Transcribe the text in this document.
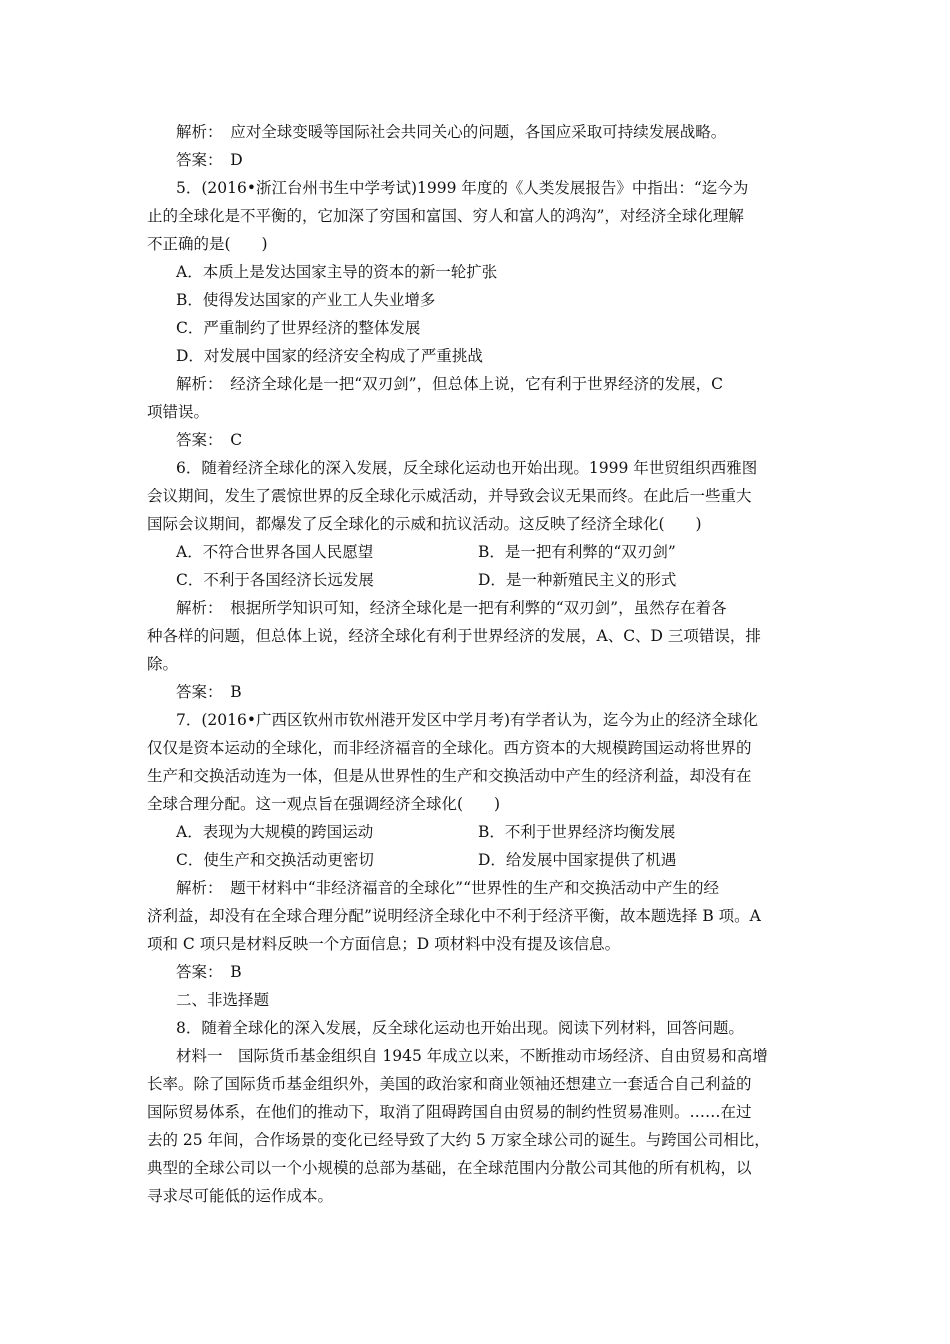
解析：　应对全球变暖等国际社会共同关心的问题，各国应采取可持续发展战略。
答案：　D
5．(2016•浙江台州书生中学考试)1999 年度的《人类发展报告》中指出：“迄今为
止的全球化是不平衡的，它加深了穷国和富国、穷人和富人的鸿沟”，对经济全球化理解
不正确的是(　　)
A．本质上是发达国家主导的资本的新一轮扩张
B．使得发达国家的产业工人失业增多
C．严重制约了世界经济的整体发展
D．对发展中国家的经济安全构成了严重挑战
解析：　经济全球化是一把“双刃剑”，但总体上说，它有利于世界经济的发展，C
项错误。
答案：　C
6．随着经济全球化的深入发展，反全球化运动也开始出现。1999 年世贸组织西雅图
会议期间，发生了震惊世界的反全球化示威活动，并导致会议无果而终。在此后一些重大
国际会议期间，都爆发了反全球化的示威和抗议活动。这反映了经济全球化(　　)
A．不符合世界各国人民愿望	B．是一把有利弊的“双刃剑”
C．不利于各国经济长远发展	D．是一种新殖民主义的形式
解析：　根据所学知识可知，经济全球化是一把有利弊的“双刃剑”，虽然存在着各
种各样的问题，但总体上说，经济全球化有利于世界经济的发展，A、C、D 三项错误，排
除。
答案：　B
7．(2016•广西区钦州市钦州港开发区中学月考)有学者认为，迄今为止的经济全球化
仅仅是资本运动的全球化，而非经济福音的全球化。西方资本的大规模跨国运动将世界的
生产和交换活动连为一体，但是从世界性的生产和交换活动中产生的经济利益，却没有在
全球合理分配。这一观点旨在强调经济全球化(　　)
A．表现为大规模的跨国运动	B．不利于世界经济均衡发展
C．使生产和交换活动更密切	D．给发展中国家提供了机遇
解析：　题干材料中“非经济福音的全球化”“世界性的生产和交换活动中产生的经
济利益，却没有在全球合理分配”说明经济全球化中不利于经济平衡，故本题选择 B 项。A
项和 C 项只是材料反映一个方面信息；D 项材料中没有提及该信息。
答案：　B
二、非选择题
8．随着全球化的深入发展，反全球化运动也开始出现。阅读下列材料，回答问题。
材料一　国际货币基金组织自 1945 年成立以来，不断推动市场经济、自由贸易和高增
长率。除了国际货币基金组织外，美国的政治家和商业领袖还想建立一套适合自己利益的
国际贸易体系，在他们的推动下，取消了阻碍跨国自由贸易的制约性贸易准则。……在过
去的 25 年间，合作场景的变化已经导致了大约 5 万家全球公司的诞生。与跨国公司相比，
典型的全球公司以一个小规模的总部为基础，在全球范围内分散公司其他的所有机构，以
寻求尽可能低的运作成本。
